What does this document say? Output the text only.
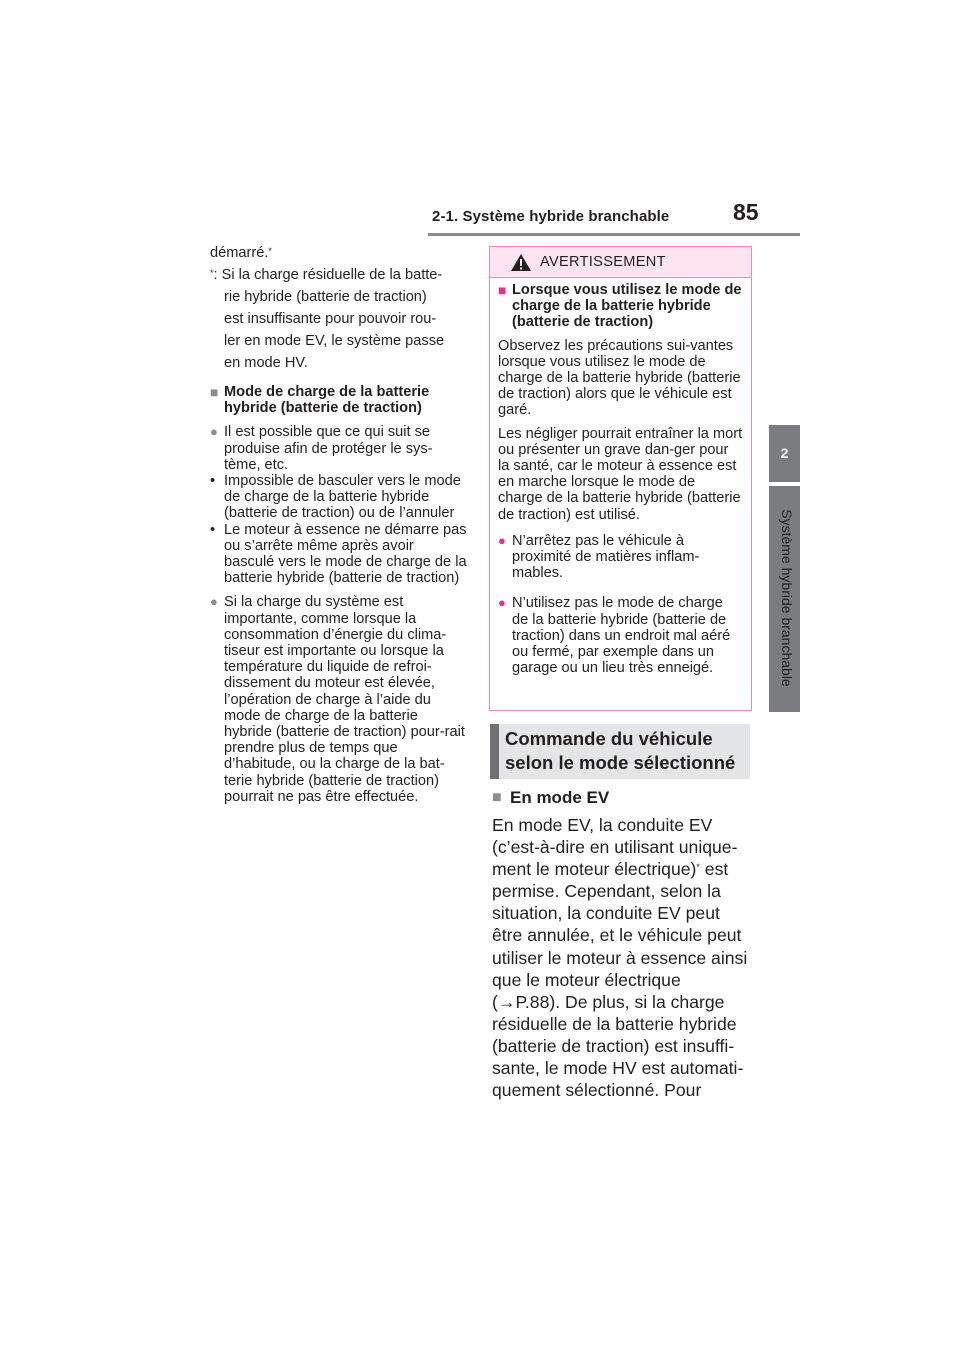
2-1. Système hybride branchable	85
2
Système hybride branchable

démarré.*

*: Si la charge résiduelle de la batte-

rie hybride (batterie de traction)

est insuffisante pour pouvoir rou-

ler en mode EV, le système passe

en mode HV.

■ Mode de charge de la batterie hybride (batterie de traction)
● Il est possible que ce qui suit se produise afin de protéger le sys-tème, etc.
• Impossible de basculer vers le mode de charge de la batterie hybride (batterie de traction) ou de l’annuler
• Le moteur à essence ne démarre pas ou s’arrête même après avoir basculé vers le mode de charge de la batterie hybride (batterie de traction)
● Si la charge du système est importante, comme lorsque la consommation d’énergie du clima-tiseur est importante ou lorsque la température du liquide de refroi-dissement du moteur est élevée, l’opération de charge à l’aide du mode de charge de la batterie hybride (batterie de traction) pour-rait prendre plus de temps que d’habitude, ou la charge de la bat-terie hybride (batterie de traction) pourrait ne pas être effectuée.
AVERTISSEMENT
■ Lorsque vous utilisez le mode de charge de la batterie hybride (batterie de traction)

Observez les précautions sui-vantes lorsque vous utilisez le mode de charge de la batterie hybride (batterie de traction) alors que le véhicule est garé.

Les négliger pourrait entraîner la mort ou présenter un grave dan-ger pour la santé, car le moteur à essence est en marche lorsque le mode de charge de la batterie hybride (batterie de traction) est utilisé.

● N’arrêtez pas le véhicule à proximité de matières inflam-mables.
● N’utilisez pas le mode de charge de la batterie hybride (batterie de traction) dans un endroit mal aéré ou fermé, par exemple dans un garage ou un lieu très enneigé.
Commande du véhicule
selon le mode sélectionné
■ En mode EV
En mode EV, la conduite EV (c’est-à-dire en utilisant unique-ment le moteur électrique)* est permise. Cependant, selon la situation, la conduite EV peut être annulée, et le véhicule peut utiliser le moteur à essence ainsi que le moteur électrique (→P.88). De plus, si la charge résiduelle de la batterie hybride (batterie de traction) est insuffi-sante, le mode HV est automati-quement sélectionné. Pour
